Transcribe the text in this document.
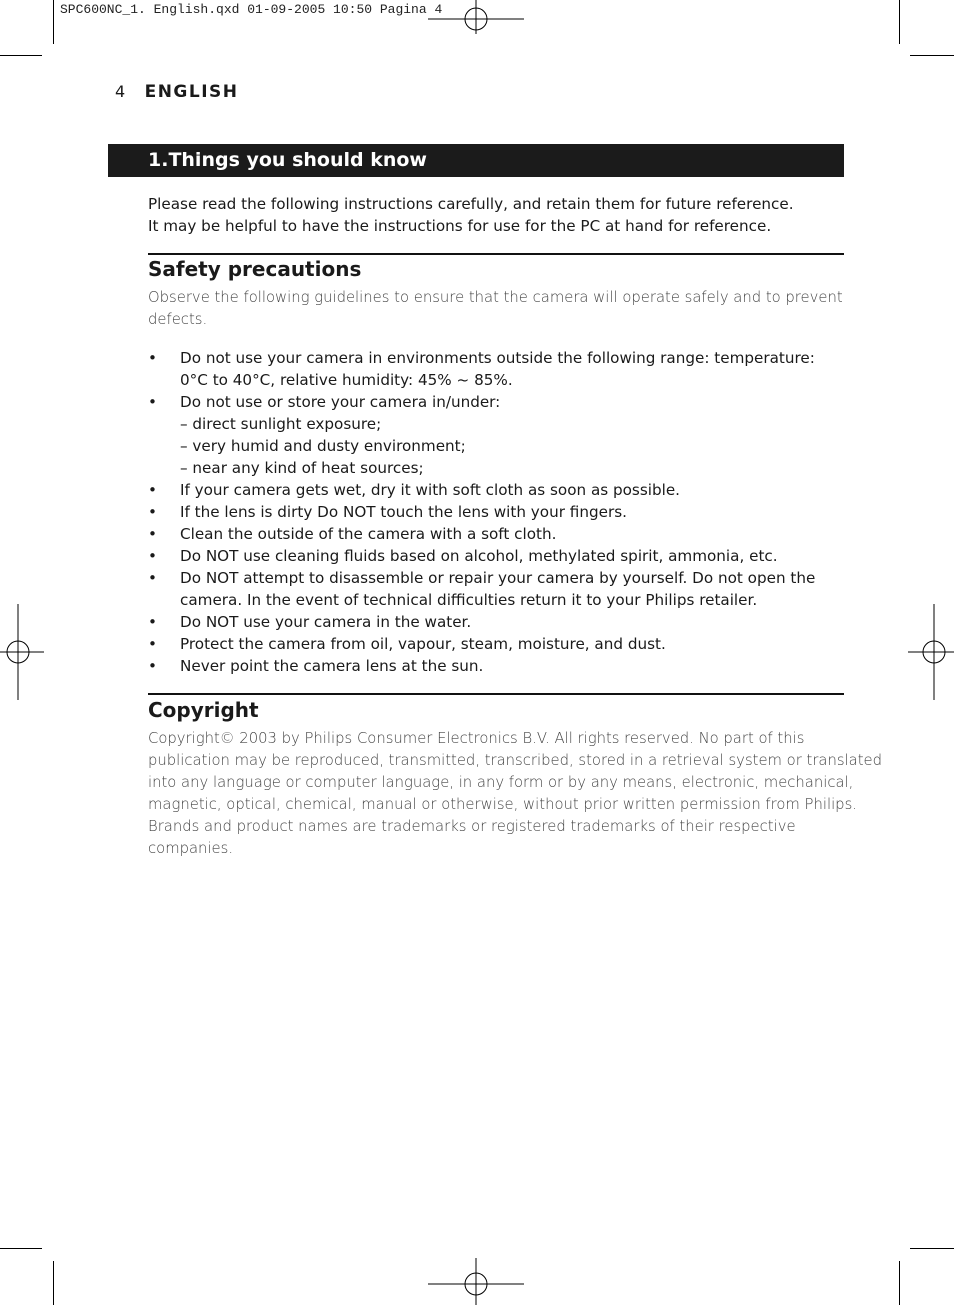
SPC600NC_1. English.qxd 01-09-2005 10:50 Pagina 4
4 ENGLISH
1.Things you should know

Please read the following instructions carefully, and retain them for future reference.

It may be helpful to have the instructions for use for the PC at hand for reference.

Safety precautions

Observe the following guidelines to ensure that the camera will operate safely and to prevent

defects.

• Do not use your camera in environments outside the following range: temperature:
0°C to 40°C, relative humidity: 45% ~ 85%.
• Do not use or store your camera in/under:
– direct sunlight exposure;
– very humid and dusty environment;
– near any kind of heat sources;
• If your camera gets wet, dry it with soft cloth as soon as possible.
• If the lens is dirty Do NOT touch the lens with your fingers.
• Clean the outside of the camera with a soft cloth.
• Do NOT use cleaning fluids based on alcohol, methylated spirit, ammonia, etc.
• Do NOT attempt to disassemble or repair your camera by yourself. Do not open the
camera. In the event of technical difficulties return it to your Philips retailer.
• Do NOT use your camera in the water.
• Protect the camera from oil, vapour, steam, moisture, and dust.
• Never point the camera lens at the sun.
Copyright

Copyright© 2003 by Philips Consumer Electronics B.V. All rights reserved. No part of this

publication may be reproduced, transmitted, transcribed, stored in a retrieval system or translated

into any language or computer language, in any form or by any means, electronic, mechanical,

magnetic, optical, chemical, manual or otherwise, without prior written permission from Philips.

Brands and product names are trademarks or registered trademarks of their respective

companies.
